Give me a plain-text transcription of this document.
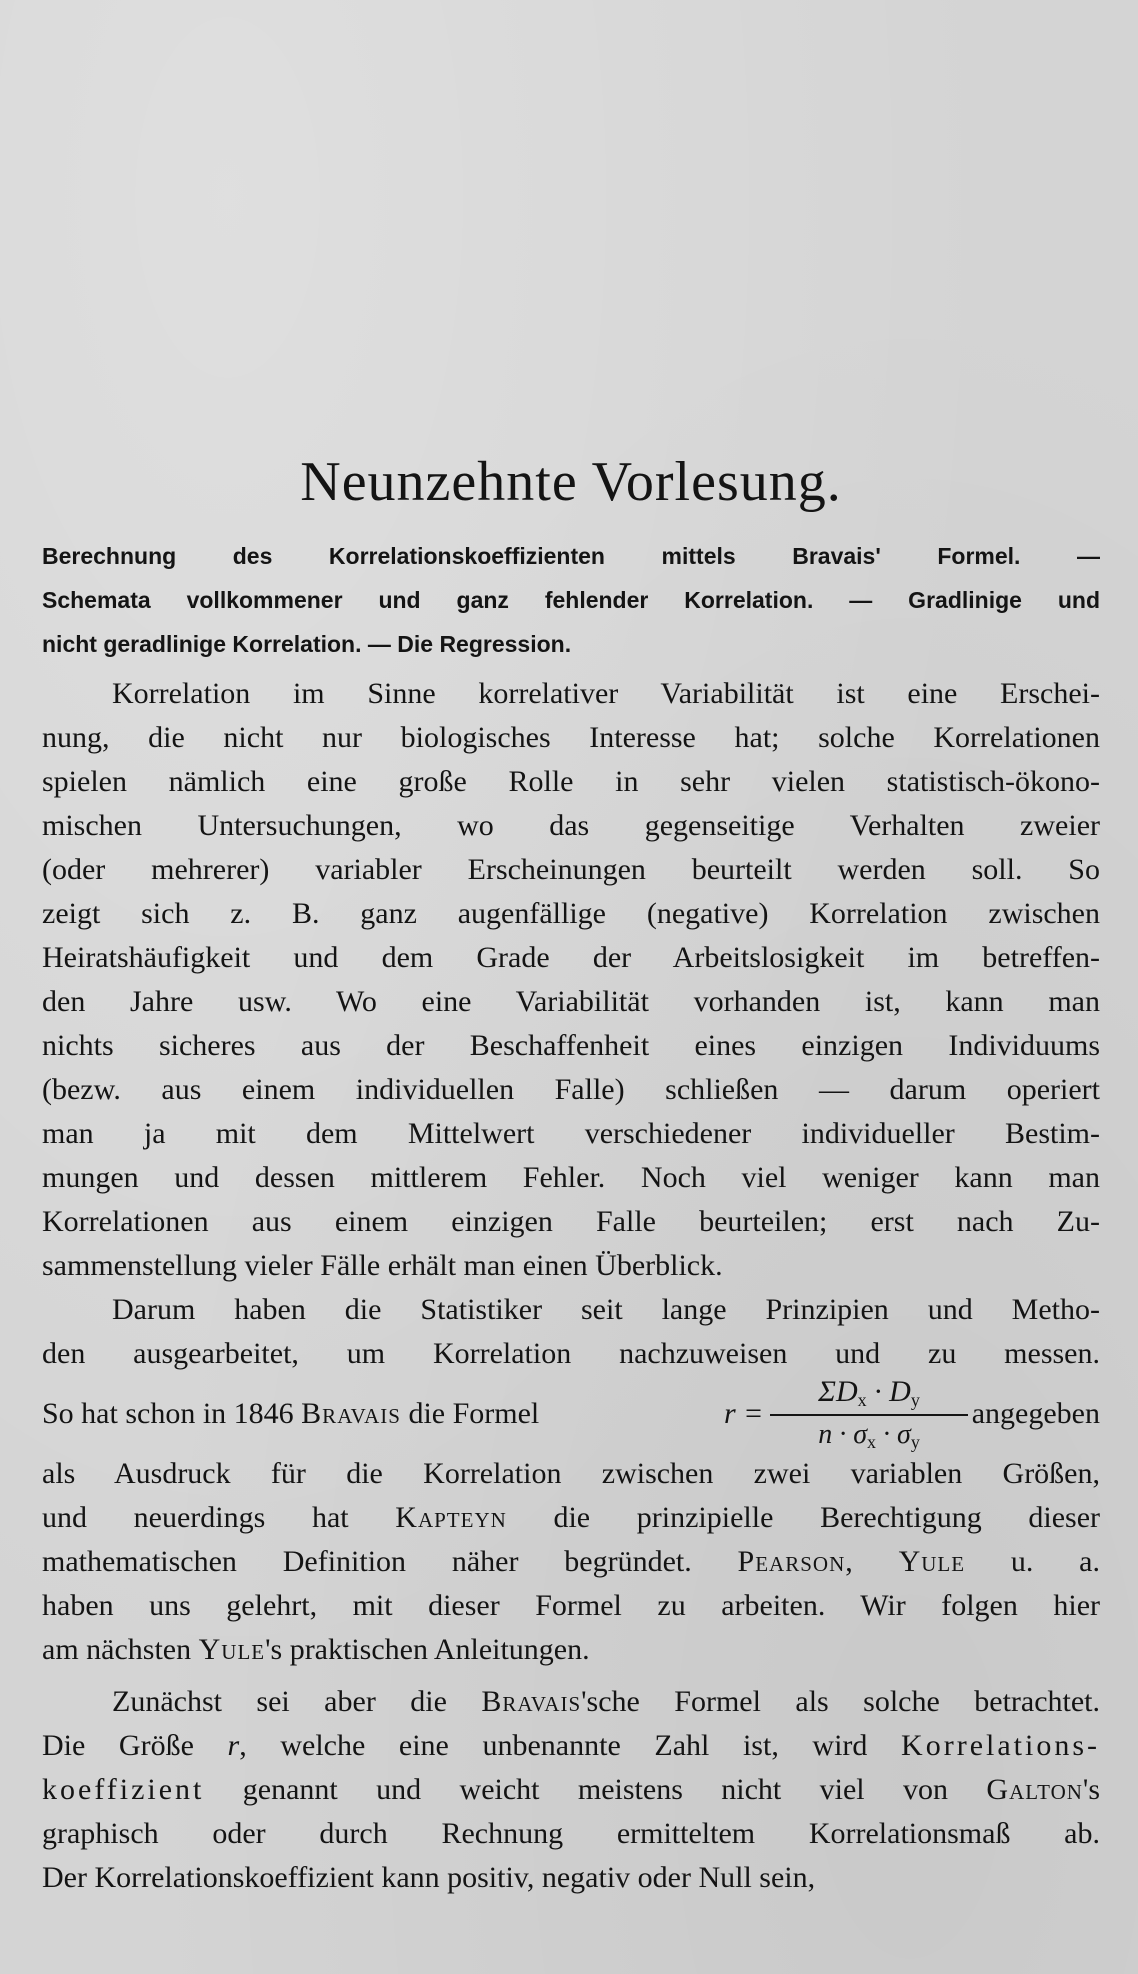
Neunzehnte Vorlesung.
Berechnung des Korrelationskoeffizienten mittels Bravais' Formel. —
Schemata vollkommener und ganz fehlender Korrelation. — Gradlinige und
nicht geradlinige Korrelation. — Die Regression.
Korrelation im Sinne korrelativer Variabilität ist eine Erschei-
nung, die nicht nur biologisches Interesse hat; solche Korrelationen
spielen nämlich eine große Rolle in sehr vielen statistisch-ökono-
mischen Untersuchungen, wo das gegenseitige Verhalten zweier
(oder mehrerer) variabler Erscheinungen beurteilt werden soll. So
zeigt sich z. B. ganz augenfällige (negative) Korrelation zwischen
Heiratshäufigkeit und dem Grade der Arbeitslosigkeit im betreffen-
den Jahre usw. Wo eine Variabilität vorhanden ist, kann man
nichts sicheres aus der Beschaffenheit eines einzigen Individuums
(bezw. aus einem individuellen Falle) schließen — darum operiert
man ja mit dem Mittelwert verschiedener individueller Bestim-
mungen und dessen mittlerem Fehler. Noch viel weniger kann man
Korrelationen aus einem einzigen Falle beurteilen; erst nach Zu-
sammenstellung vieler Fälle erhält man einen Überblick.
Darum haben die Statistiker seit lange Prinzipien und Metho-
den ausgearbeitet, um Korrelation nachzuweisen und zu messen.
So hat schon in 1846 Bravais die Formel	r =
$\Sigma D_x \cdot D_y$
$n \cdot \sigma_x \cdot \sigma_y$
angegeben
als Ausdruck für die Korrelation zwischen zwei variablen Größen,
und neuerdings hat Kapteyn die prinzipielle Berechtigung dieser
mathematischen Definition näher begründet. Pearson, Yule u. a.
haben uns gelehrt, mit dieser Formel zu arbeiten. Wir folgen hier
am nächsten Yule's praktischen Anleitungen.
Zunächst sei aber die Bravais'sche Formel als solche betrachtet.
Die Größe r, welche eine unbenannte Zahl ist, wird Korrelations-
koeffizient genannt und weicht meistens nicht viel von Galton's
graphisch oder durch Rechnung ermitteltem Korrelationsmaß ab.
Der Korrelationskoeffizient kann positiv, negativ oder Null sein,
